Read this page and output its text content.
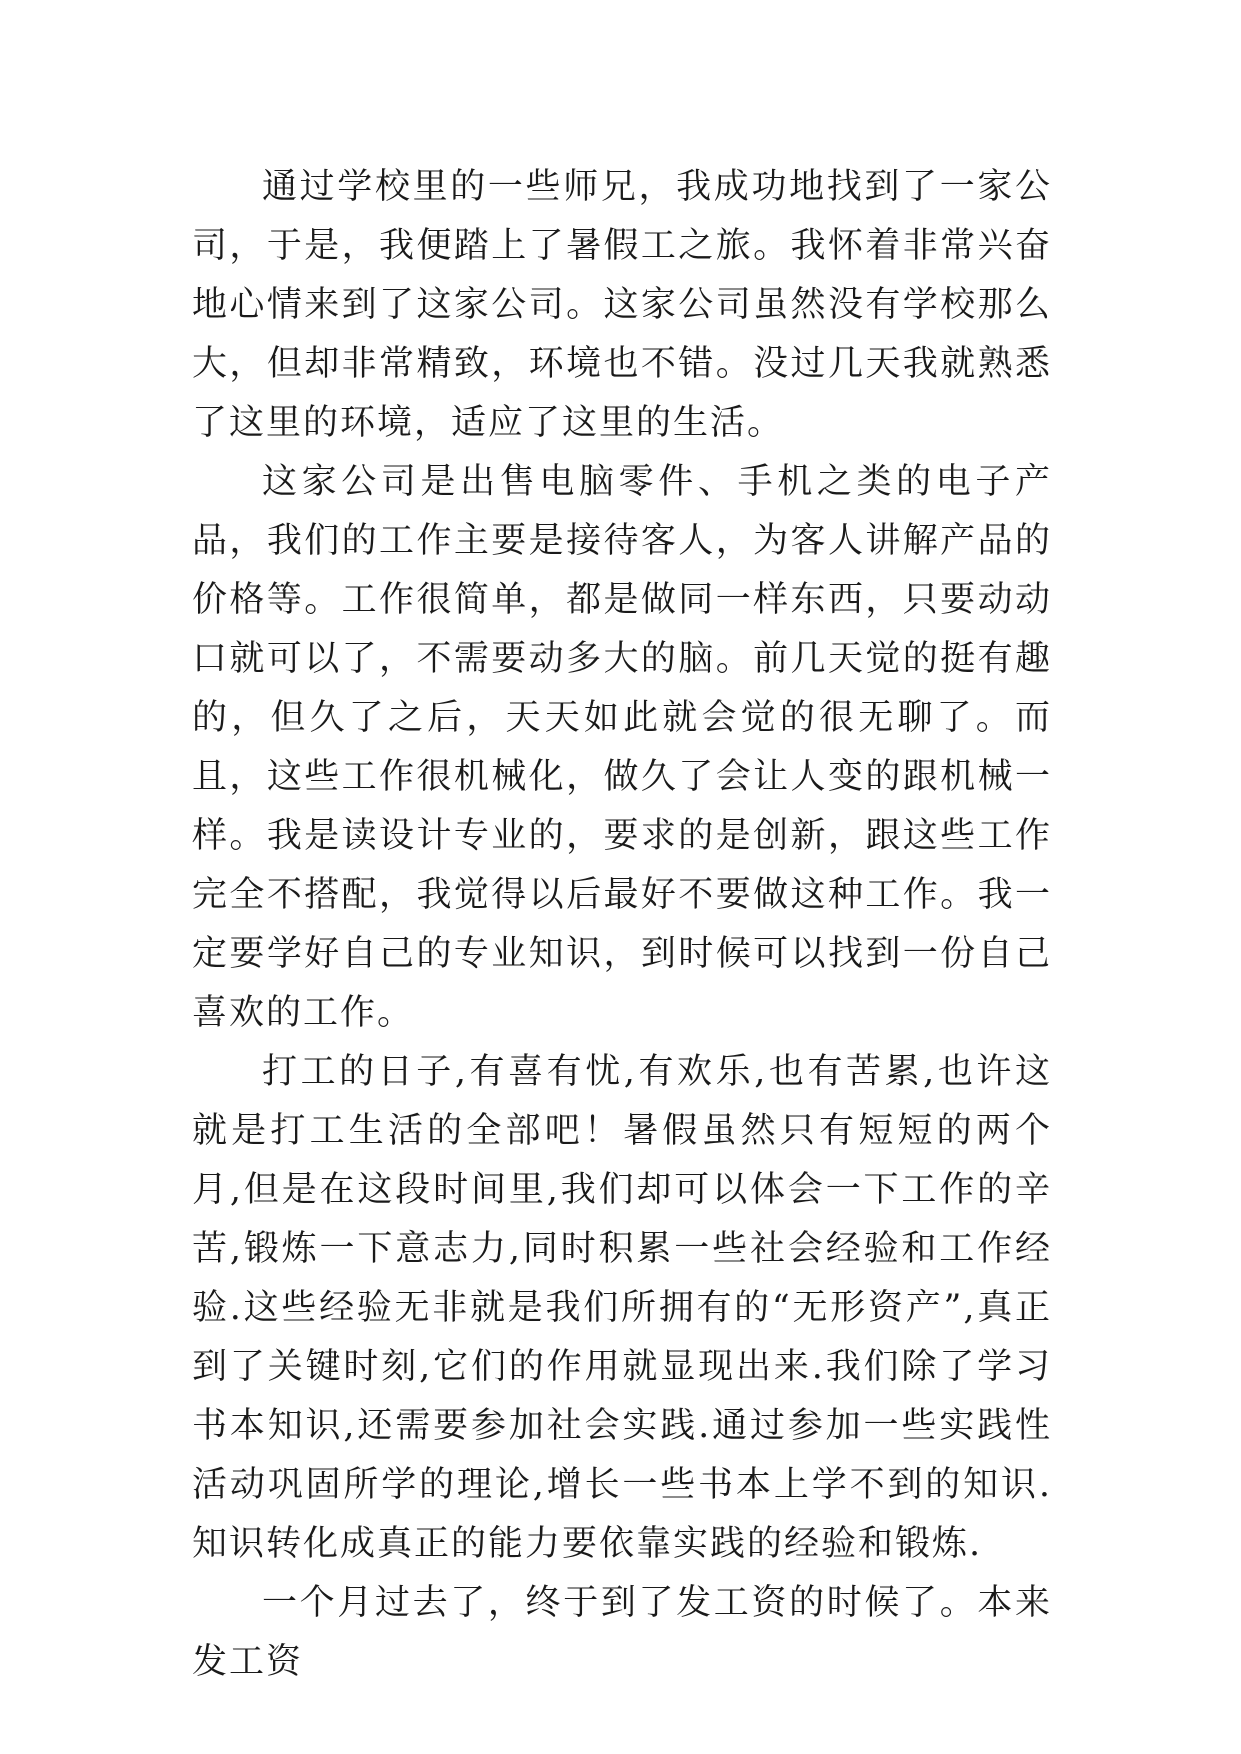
通过学校里的一些师兄，我成功地找到了一家公司，于是，我便踏上了暑假工之旅。我怀着非常兴奋地心情来到了这家公司。这家公司虽然没有学校那么大，但却非常精致，环境也不错。没过几天我就熟悉了这里的环境，适应了这里的生活。

这家公司是出售电脑零件、手机之类的电子产品，我们的工作主要是接待客人，为客人讲解产品的价格等。工作很简单，都是做同一样东西，只要动动口就可以了，不需要动多大的脑。前几天觉的挺有趣的，但久了之后，天天如此就会觉的很无聊了。而且，这些工作很机械化，做久了会让人变的跟机械一样。我是读设计专业的，要求的是创新，跟这些工作完全不搭配，我觉得以后最好不要做这种工作。我一定要学好自己的专业知识，到时候可以找到一份自己喜欢的工作。

打工的日子,有喜有忧,有欢乐,也有苦累,也许这就是打工生活的全部吧！暑假虽然只有短短的两个月,但是在这段时间里,我们却可以体会一下工作的辛苦,锻炼一下意志力,同时积累一些社会经验和工作经验.这些经验无非就是我们所拥有的“无形资产”,真正到了关键时刻,它们的作用就显现出来.我们除了学习书本知识,还需要参加社会实践.通过参加一些实践性活动巩固所学的理论,增长一些书本上学不到的知识.知识转化成真正的能力要依靠实践的经验和锻炼.

一个月过去了，终于到了发工资的时候了。本来发工资
